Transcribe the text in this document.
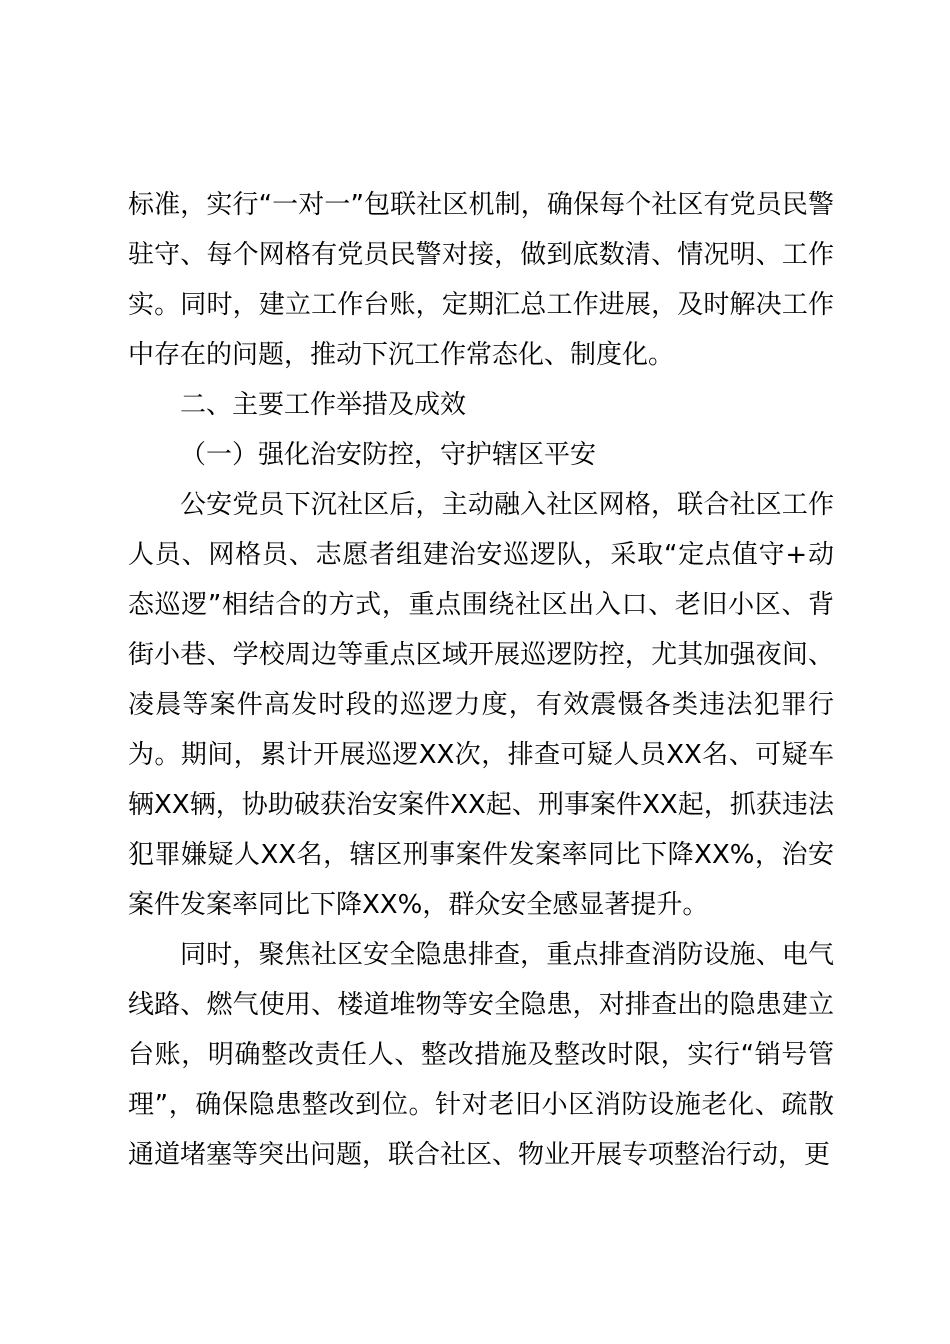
标准，实行“一对一”包联社区机制，确保每个社区有党员民警驻守、每个网格有党员民警对接，做到底数清、情况明、工作实。同时，建立工作台账，定期汇总工作进展，及时解决工作中存在的问题，推动下沉工作常态化、制度化。

二、主要工作举措及成效

（一）强化治安防控，守护辖区平安

公安党员下沉社区后，主动融入社区网格，联合社区工作人员、网格员、志愿者组建治安巡逻队，采取“定点值守+动态巡逻”相结合的方式，重点围绕社区出入口、老旧小区、背街小巷、学校周边等重点区域开展巡逻防控，尤其加强夜间、凌晨等案件高发时段的巡逻力度，有效震慑各类违法犯罪行为。期间，累计开展巡逻XX次，排查可疑人员XX名、可疑车辆XX辆，协助破获治安案件XX起、刑事案件XX起，抓获违法犯罪嫌疑人XX名，辖区刑事案件发案率同比下降XX%，治安案件发案率同比下降XX%，群众安全感显著提升。

同时，聚焦社区安全隐患排查，重点排查消防设施、电气线路、燃气使用、楼道堆物等安全隐患，对排查出的隐患建立台账，明确整改责任人、整改措施及整改时限，实行“销号管理”，确保隐患整改到位。针对老旧小区消防设施老化、疏散通道堵塞等突出问题，联合社区、物业开展专项整治行动，更
